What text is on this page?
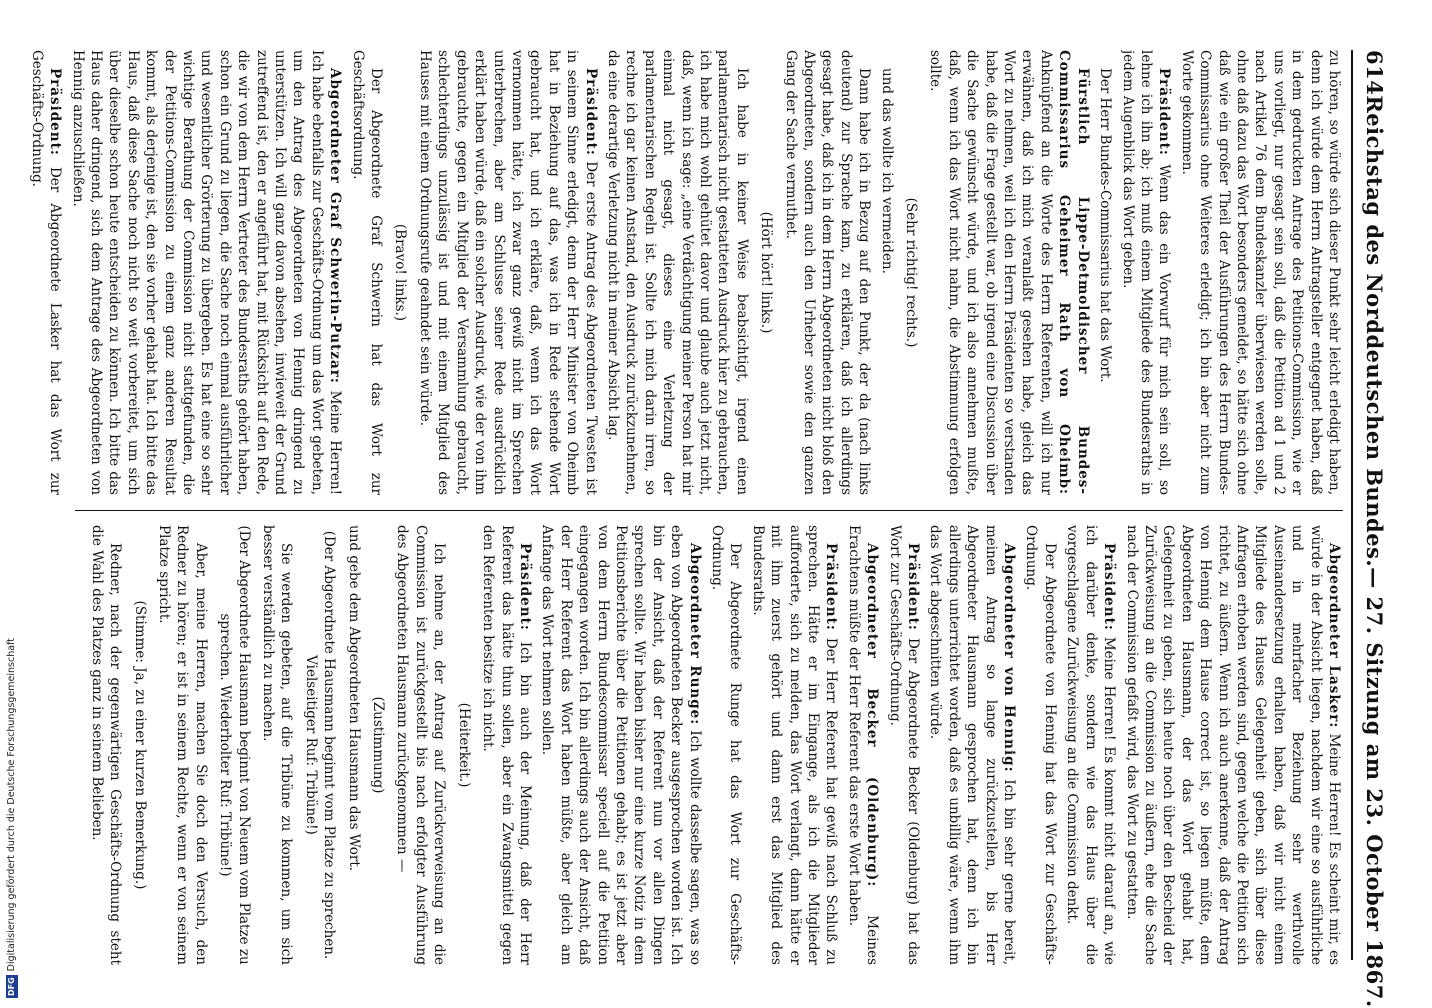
614
Reichstag des Norddeutschen Bundes.
— 27. Sitzung am 23. October 1867.

zu hören, so würde sich dieser Punkt sehr leicht erledigt haben, denn ich würde dem Herrn Antragsteller entgegnet haben, daß in dem gedruckten Antrage des Petitions-Commission, wie er uns vorliegt, nur gesagt sein soll, daß die Petition ad 1 und 2 nach Artikel 76 dem Bundeskanzler überwiesen werden solle, ohne daß dazu das Wort besonders gemeldet, so hätte sich ohne daß wie ein großer Theil der Ausführungen des Herrn Bundes-Commissarius ohne Weiteres erledigt; ich bin aber nicht zum Worte gekommen.

Präsident: Wenn das ein Vorwurf für mich sein soll, so lehne ich ihn ab; ich muß einem Mitgliede des Bundesraths in jedem Augenblick das Wort geben.

Der Herr Bundes-Commissarius hat das Wort.

Fürstlich Lippe-Detmoldischer Bundes-Commissarius Geheimer Rath von Oheimb: Anknüpfend an die Worte des Herrn Referenten, will ich nur erwähnen, daß ich mich veranlaßt gesehen habe, gleich das Wort zu nehmen, weil ich den Herrn Präsidenten so verstanden habe, daß die Frage gestellt war, ob irgend eine Discussion über die Sache gewünscht würde, und ich also annehmen mußte, daß, wenn ich das Wort nicht nahm, die Abstimmung erfolgen sollte.

(Sehr richtig! rechts.)

und das wollte ich vermeiden.

Dann habe ich in Bezug auf den Punkt, der da (nach links deutend) zur Sprache kam, zu erklären, daß ich allerdings gesagt habe, daß ich in dem Herrn Abgeordneten nicht bloß den Abgeordneten, sondern auch den Urheber sowie den ganzen Gang der Sache vermuthet.

(Hört hört! links.)

Ich habe in keiner Weise beabsichtigt, irgend einen parlamentarisch nicht gestatteten Ausdruck hier zu gebrauchen, ich habe mich wohl gehütet davor und glaube auch jetzt nicht, daß, wenn ich sage: „eine Verdächtigung meiner Person hat mir einmal nicht gesagt, dieses eine Verletzung der parlamentarischen Regeln ist. Sollte ich mich darin irren, so rechne ich gar keinen Anstand, den Ausdruck zurückzunehmen, da eine derartige Verletzung nicht in meiner Absicht lag.

Präsident: Der erste Antrag des Abgeordneten Twesten ist in seinem Sinne erledigt, denn der Herr Minister von Oheimb hat in Beziehung auf das, was ich in Rede stehende Wort gebraucht hat, und ich erkläre, daß, wenn ich das Wort vernommen hätte, ich zwar ganz gewiß nicht im Sprechen unterbrechen, aber am Schlusse seiner Rede ausdrücklich erklärt haben würde, daß ein solcher Ausdruck, wie der von ihm gebrauchte, gegen ein Mitglied der Versammlung gebraucht, schlechterdings unzulässig ist und mit einem Mitglied des Hauses mit einem Ordnungsrufe geahndet sein würde.

(Bravo! links.)

Der Abgeordnete Graf Schwerin hat das Wort zur Geschäftsordnung.

Abgeordneter Graf Schwerin-Putzar: Meine Herren! Ich habe ebenfalls zur Geschäfts-Ordnung um das Wort gebeten, um den Antrag des Abgeordneten von Hennig dringend zu unterstützen. Ich will ganz davon absehen, inwieweit der Grund zutreffend ist, den er angeführt hat, mit Rücksicht auf den Rede, die wir von dem Herrn Vertreter des Bundesraths gehört haben, schon ein Grund zu liegen, die Sache noch einmal ausführlicher und wesentlicher Grörterung zu übergeben. Es hat eine so sehr wichtige Berathung der Commission nicht stattgefunden, die der Petitions-Commission zu einem ganz anderen Resultat kommt, als derjenige ist, den sie vorher gehabt hat. Ich bitte das Haus, daß diese Sache noch nicht so weit vorbereitet, um sich über dieselbe schon heute entscheiden zu können. Ich bitte das Haus daher dringend, sich dem Antrage des Abgeordneten von Hennig anzuschließen.

Präsident: Der Abgeordnete Lasker hat das Wort zur Geschäfts-Ordnung.

Abgeordneter Lasker: Meine Herren! Es scheint mir, es würde in der Absicht liegen, nachdem wir eine so ausführliche und in mehrfacher Beziehung sehr werthvolle Auseinandersetzung erhalten haben, daß wir nicht einem Mitgliede des Hauses Gelegenheit geben, sich über diese Anfragen erhoben werden sind, gegen welche die Petition sich richtet, zu äußern. Wenn ich auch anerkenne, daß der Antrag von Hennig dem Hause correct ist, so liegen müßte, dem Abgeordneten Hausmann, der das Wort gehabt hat, Gelegenheit zu geben, sich heute noch über den Bescheid der Zurückweisung an die Commission zu äußern, ehe die Sache nach der Commission gefaßt wird, das Wort zu gestatten.

Präsident: Meine Herren! Es kommt nicht darauf an, wie ich darüber denke, sondern wie das Haus über die vorgeschlagene Zurückweisung an die Commission denkt.

Der Abgeordnete von Hennig hat das Wort zur Geschäfts-Ordnung.

Abgeordneter von Hennig: Ich bin sehr gerne bereit, meinen Antrag so lange zurückzustellen, bis Herr Abgeordneter Hausmann gesprochen hat, denn ich bin allerdings unterrichtet worden, daß es unbillig wäre, wenn ihm das Wort abgeschnitten würde.

Präsident: Der Abgeordnete Becker (Oldenburg) hat das Wort zur Geschäfts-Ordnung.

Abgeordneter Becker (Oldenburg): Meines Erachtens müßte der Herr Referent das erste Wort haben.

Präsident: Der Herr Referent hat gewiß nach Schluß zu sprechen. Hätte er im Eingange, als ich die Mitglieder aufforderte, sich zu melden, das Wort verlangt, dann hätte er mit ihm zuerst gehört und dann erst das Mitglied des Bundesraths.

Der Abgeordnete Runge hat das Wort zur Geschäfts-Ordnung.

Abgeordneter Runge: Ich wollte dasselbe sagen, was so eben von Abgeordneten Becker ausgesprochen worden ist. Ich bin der Ansicht, daß der Referent nun vor allen Dingen sprechen sollte. Wir haben bisher nur eine kurze Notiz in dem Petitionsberichte über die Petitionen gehabt; es ist jetzt aber von dem Herrn Bundescommissar speciell auf die Petition eingegangen worden. Ich bin allerdings auch der Ansicht, daß der Herr Referent das Wort haben müßte, aber gleich am Anfange das Wort nehmen sollen.

Präsident: Ich bin auch der Meinung, daß der Herr Referent das hätte thun sollen, aber ein Zwangsmittel gegen den Referenten besitze ich nicht.

(Heiterkeit.)

Ich nehme an, der Antrag auf Zurückverweisung an die Commission ist zurückgestellt bis nach erfolgter Ausführung des Abgeordneten Hausmann zurückgenommen —

(Zustimmung)

und gebe dem Abgeordneten Hausmann das Wort.

(Der Abgeordnete Hausmann beginnt vom Platze zu sprechen. Vielseitiger Ruf: Tribüne!)

Sie werden gebeten, auf die Tribüne zu kommen, um sich besser verständlich zu machen.

(Der Abgeordnete Hausmann beginnt von Neuem vom Platze zu sprechen. Wiederholter Ruf: Tribüne!)

Aber, meine Herren, machen Sie doch den Versuch, den Redner zu hören; er ist in seinem Rechte, wenn er von seinem Platze spricht.

(Stimme: Ja, zu einer kurzen Bemerkung.)

Redner, nach der gegenwärtigen Geschäfts-Ordnung steht die Wahl des Platzes ganz in seinem Belieben.

DFG
Digitalisierung gefördert durch die Deutsche Forschungsgemeinschaft
